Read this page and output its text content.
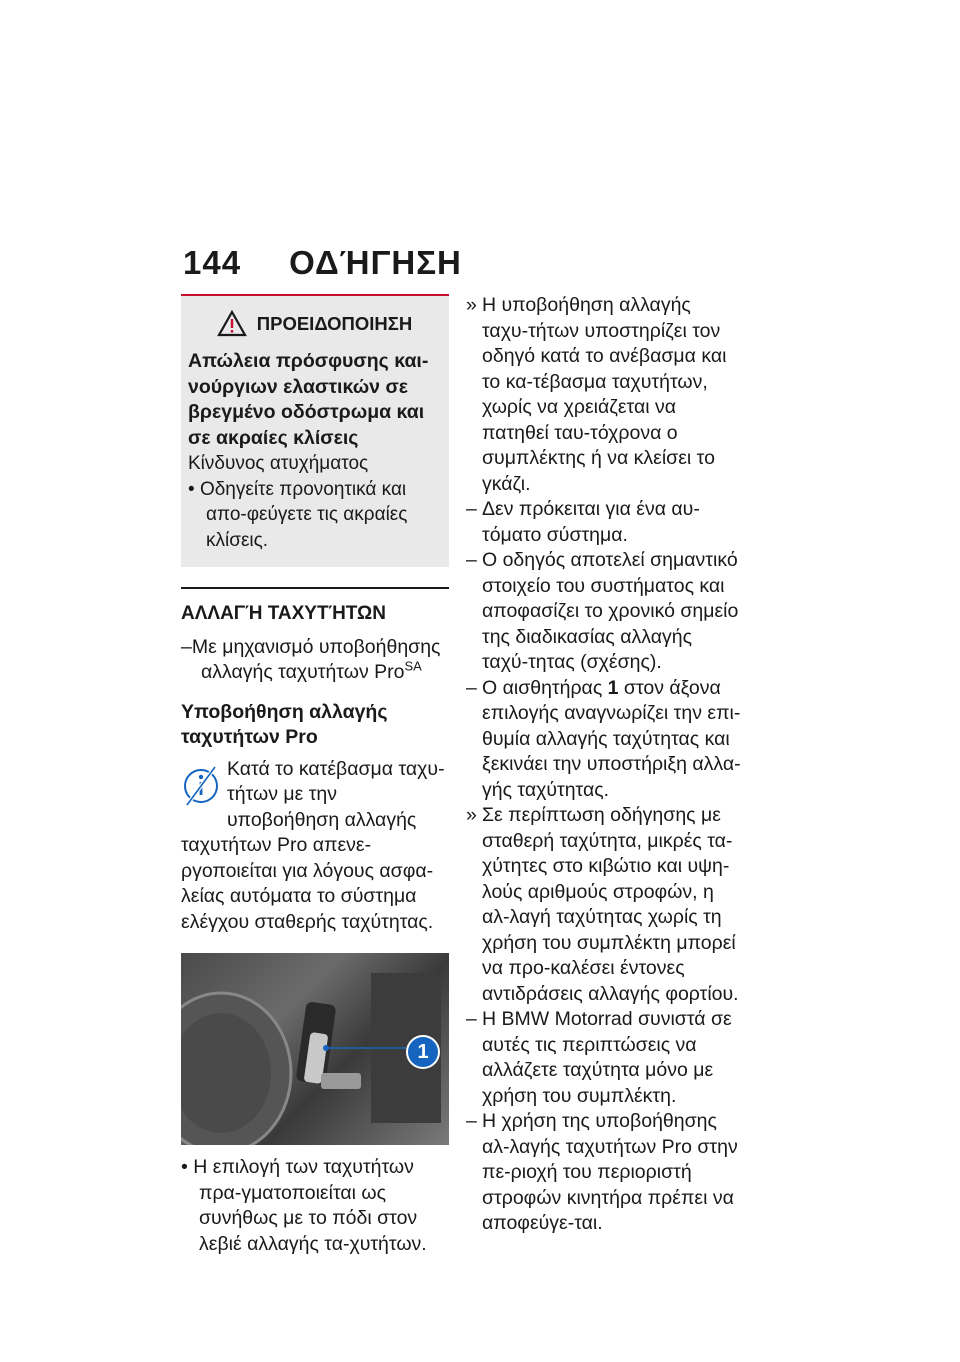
144 ΟΔΉΓΗΣΗ
ΠΡΟΕΙΔΟΠΟΙΗΣΗ
Απώλεια πρόσφυσης και-νούργιων ελαστικών σε βρεγμένο οδόστρωμα και σε ακραίες κλίσεις
Κίνδυνος ατυχήματος
• Οδηγείτε προνοητικά και απο-φεύγετε τις ακραίες κλίσεις.
ΑΛΛΑΓΉ ΤΑΧΥΤΉΤΩΝ
–Με μηχανισμό υποβοήθησης αλλαγής ταχυτήτων Pro$^{SA}$
Υποβοήθηση αλλαγής ταχυτήτων Pro
Κατά το κατέβασμα ταχυ-τήτων με την υποβοήθηση αλλαγής ταχυτήτων Pro απενε-ργοποιείται για λόγους ασφα-λείας αυτόματα το σύστημα ελέγχου σταθερής ταχύτητας.
1
• Η επιλογή των ταχυτήτων πρα-γματοποιείται ως συνήθως με το πόδι στον λεβιέ αλλαγής τα-χυτήτων.
» Η υποβοήθηση αλλαγής ταχυ-τήτων υποστηρίζει τον οδηγό κατά το ανέβασμα και το κα-τέβασμα ταχυτήτων, χωρίς να χρειάζεται να πατηθεί ταυ-τόχρονα ο συμπλέκτης ή να κλείσει το γκάζι.
– Δεν πρόκειται για ένα αυ-τόματο σύστημα.
– Ο οδηγός αποτελεί σημαντικό στοιχείο του συστήματος και αποφασίζει το χρονικό σημείο της διαδικασίας αλλαγής ταχύ-τητας (σχέσης).
– Ο αισθητήρας 1 στον άξονα επιλογής αναγνωρίζει την επι-θυμία αλλαγής ταχύτητας και ξεκινάει την υποστήριξη αλλα-γής ταχύτητας.
» Σε περίπτωση οδήγησης με σταθερή ταχύτητα, μικρές τα-χύτητες στο κιβώτιο και υψη-λούς αριθμούς στροφών, η αλ-λαγή ταχύτητας χωρίς τη χρήση του συμπλέκτη μπορεί να προ-καλέσει έντονες αντιδράσεις αλλαγής φορτίου.
– Η BMW Motorrad συνιστά σε αυτές τις περιπτώσεις να αλλάζετε ταχύτητα μόνο με χρήση του συμπλέκτη.
– Η χρήση της υποβοήθησης αλ-λαγής ταχυτήτων Pro στην πε-ριοχή του περιοριστή στροφών κινητήρα πρέπει να αποφεύγε-ται.
